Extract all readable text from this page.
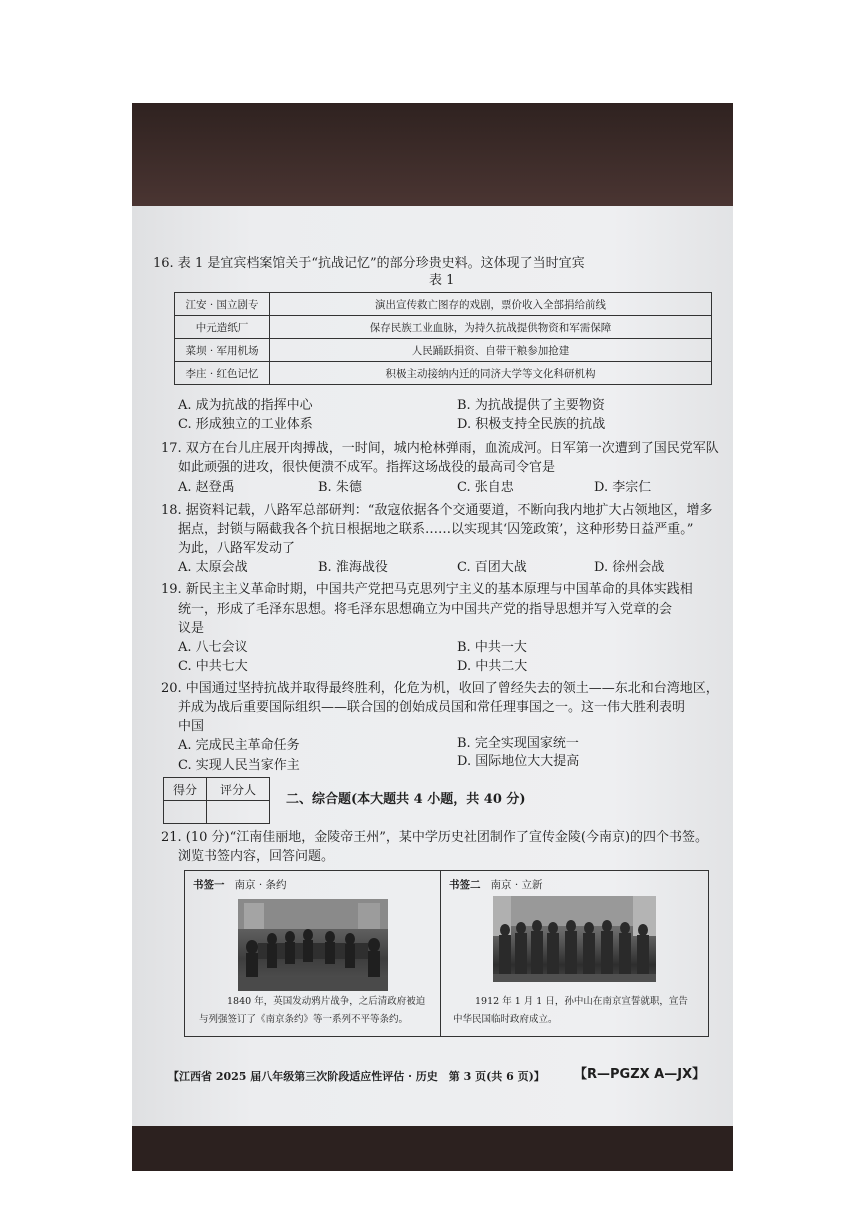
16. 表 1 是宜宾档案馆关于“抗战记忆”的部分珍贵史料。这体现了当时宜宾
表 1
江安 · 国立剧专	演出宣传救亡图存的戏剧，票价收入全部捐给前线
中元造纸厂	保存民族工业血脉，为持久抗战提供物资和军需保障
菜坝 · 军用机场	人民踊跃捐资、自带干粮参加抢建
李庄 · 红色记忆	积极主动接纳内迁的同济大学等文化科研机构
A. 成为抗战的指挥中心	B. 为抗战提供了主要物资
C. 形成独立的工业体系	D. 积极支持全民族的抗战
17. 双方在台儿庄展开肉搏战，一时间，城内枪林弹雨，血流成河。日军第一次遭到了国民党军队
如此顽强的进攻，很快便溃不成军。指挥这场战役的最高司令官是
A. 赵登禹	B. 朱德	C. 张自忠	D. 李宗仁
18. 据资料记载，八路军总部研判：“敌寇依据各个交通要道，不断向我内地扩大占领地区，增多
据点，封锁与隔截我各个抗日根据地之联系……以实现其‘囚笼政策’，这种形势日益严重。”
为此，八路军发动了
A. 太原会战	B. 淮海战役	C. 百团大战	D. 徐州会战
19. 新民主主义革命时期，中国共产党把马克思列宁主义的基本原理与中国革命的具体实践相
统一，形成了毛泽东思想。将毛泽东思想确立为中国共产党的指导思想并写入党章的会
议是
A. 八七会议	B. 中共一大
C. 中共七大	D. 中共二大
20. 中国通过坚持抗战并取得最终胜利，化危为机，收回了曾经失去的领土——东北和台湾地区，
并成为战后重要国际组织——联合国的创始成员国和常任理事国之一。这一伟大胜利表明
中国
A. 完成民主革命任务	B. 完全实现国家统一
C. 实现人民当家作主	D. 国际地位大大提高
得分	评分人

二、综合题(本大题共 4 小题，共 40 分)
21. (10 分)“江南佳丽地，金陵帝王州”，某中学历史社团制作了宣传金陵(今南京)的四个书签。
浏览书签内容，回答问题。
书签一 南京 · 条约
1840 年，英国发动鸦片战争，之后清政府被迫
与列强签订了《南京条约》等一系列不平等条约。
书签二 南京 · 立新
1912 年 1 月 1 日，孙中山在南京宣誓就职，宣告
中华民国临时政府成立。
【江西省 2025 届八年级第三次阶段适应性评估 · 历史　第 3 页(共 6 页)】 【R—PGZX A—JX】
